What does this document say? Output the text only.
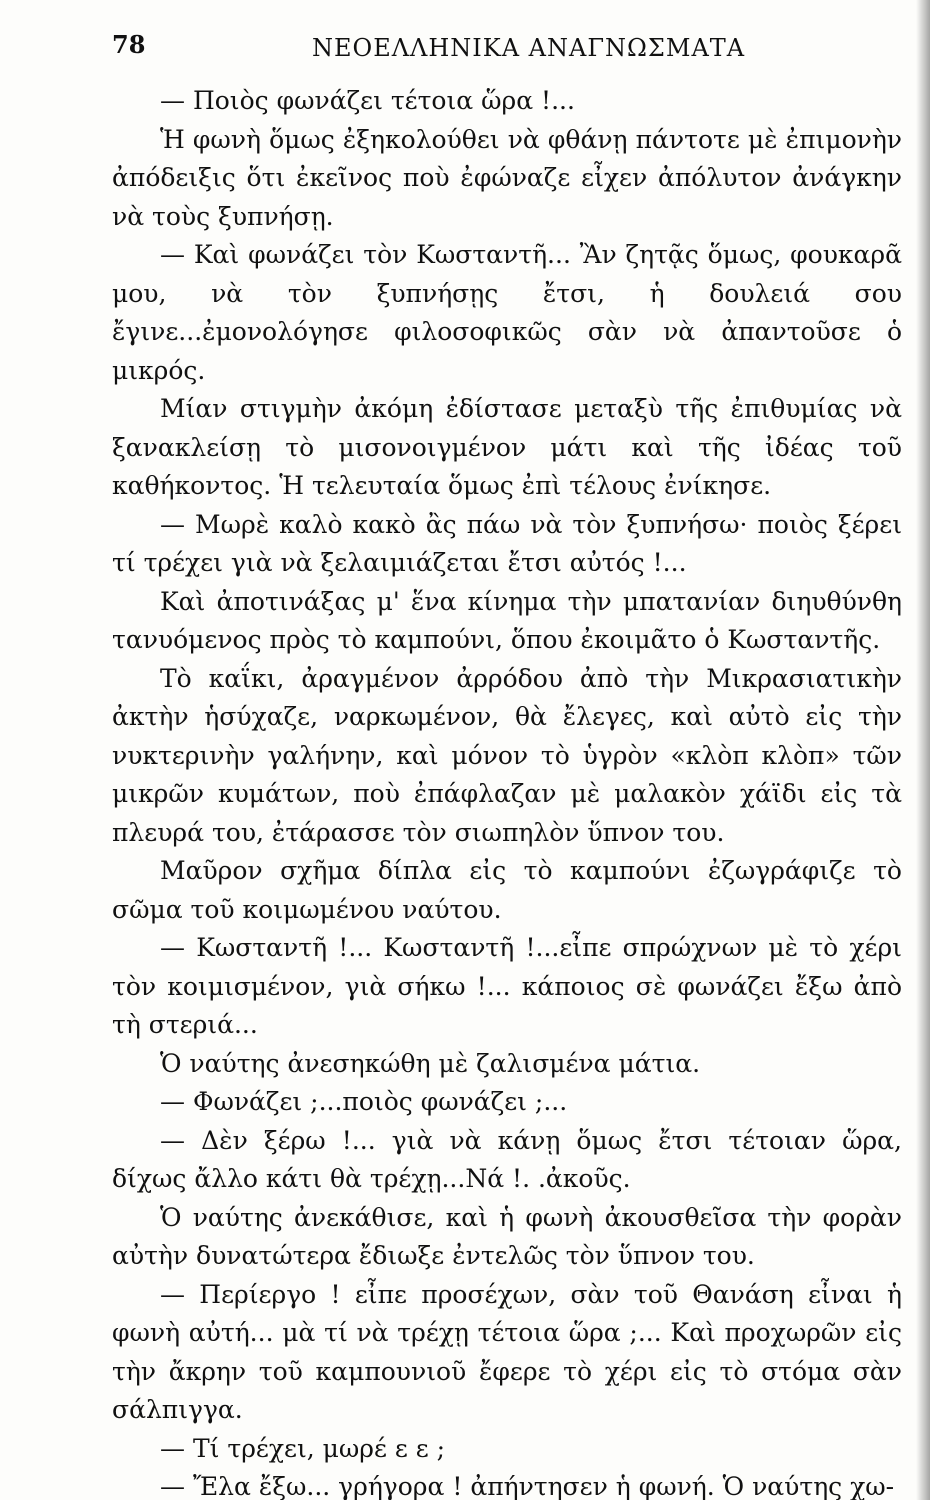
78	ΝΕΟΕΛΛΗΝΙΚΑ ΑΝΑΓΝΩΣΜΑΤΑ

— Ποιὸς φωνάζει τέτοια ὥρα !...

Ἡ φωνὴ ὅμως ἐξηκολούθει νὰ φθάνῃ πάντοτε μὲ ἐπιμονὴν ἀπόδειξις ὅτι ἐκεῖνος ποὺ ἐφώναζε εἶχεν ἀπόλυτον ἀνάγκην νὰ τοὺς ξυπνήσῃ.

— Καὶ φωνάζει τὸν Κωσταντῆ... Ἂν ζητᾷς ὅμως, φουκαρᾶ μου, νὰ τὸν ξυπνήσῃς ἔτσι, ἡ δουλειά σου ἔγινε...ἐμονολόγησε φιλοσοφικῶς σὰν νὰ ἀπαντοῦσε ὁ μικρός.

Μίαν στιγμὴν ἀκόμη ἐδίστασε μεταξὺ τῆς ἐπιθυμίας νὰ ξανακλείσῃ τὸ μισονοιγμένον μάτι καὶ τῆς ἰδέας τοῦ καθήκοντος. Ἡ τελευταία ὅμως ἐπὶ τέλους ἐνίκησε.

— Μωρὲ καλὸ κακὸ ἂς πάω νὰ τὸν ξυπνήσω· ποιὸς ξέρει τί τρέχει γιὰ νὰ ξελαιμιάζεται ἔτσι αὐτός !...

Καὶ ἀποτινάξας μ' ἕνα κίνημα τὴν μπατανίαν διηυθύνθη τανυόμενος πρὸς τὸ καμπούνι, ὅπου ἐκοιμᾶτο ὁ Κωσταντῆς.

Τὸ καΐκι, ἀραγμένον ἀρρόδου ἀπὸ τὴν Μικρασιατικὴν ἀκτὴν ἡσύχαζε, ναρκωμένον, θὰ ἔλεγες, καὶ αὐτὸ εἰς τὴν νυκτερινὴν γαλήνην, καὶ μόνον τὸ ὑγρὸν «κλὸπ κλὸπ» τῶν μικρῶν κυμάτων, ποὺ ἐπάφλαζαν μὲ μαλακὸν χάϊδι εἰς τὰ πλευρά του, ἐτάρασσε τὸν σιωπηλὸν ὕπνον του.

Μαῦρον σχῆμα δίπλα εἰς τὸ καμπούνι ἐζωγράφιζε τὸ σῶμα τοῦ κοιμωμένου ναύτου.

— Κωσταντῆ !... Κωσταντῆ !...εἶπε σπρώχνων μὲ τὸ χέρι τὸν κοιμισμένον, γιὰ σήκω !... κάποιος σὲ φωνάζει ἔξω ἀπὸ τὴ στεριά...

Ὁ ναύτης ἀνεσηκώθη μὲ ζαλισμένα μάτια.

— Φωνάζει ;...ποιὸς φωνάζει ;...

— Δὲν ξέρω !... γιὰ νὰ κάνῃ ὅμως ἔτσι τέτοιαν ὥρα, δίχως ἄλλο κάτι θὰ τρέχῃ...Νά !. .ἀκοῦς.

Ὁ ναύτης ἀνεκάθισε, καὶ ἡ φωνὴ ἀκουσθεῖσα τὴν φορὰν αὐτὴν δυνατώτερα ἔδιωξε ἐντελῶς τὸν ὕπνον του.

— Περίεργο ! εἶπε προσέχων, σὰν τοῦ Θανάση εἶναι ἡ φωνὴ αὐτή... μὰ τί νὰ τρέχῃ τέτοια ὥρα ;... Καὶ προχωρῶν εἰς τὴν ἄκρην τοῦ καμπουνιοῦ ἔφερε τὸ χέρι εἰς τὸ στόμα σὰν σάλπιγγα.

— Τί τρέχει, μωρέ ε ε ;

— Ἔλα ἔξω... γρήγορα ! ἀπήντησεν ἡ φωνή. Ὁ ναύτης χω-
